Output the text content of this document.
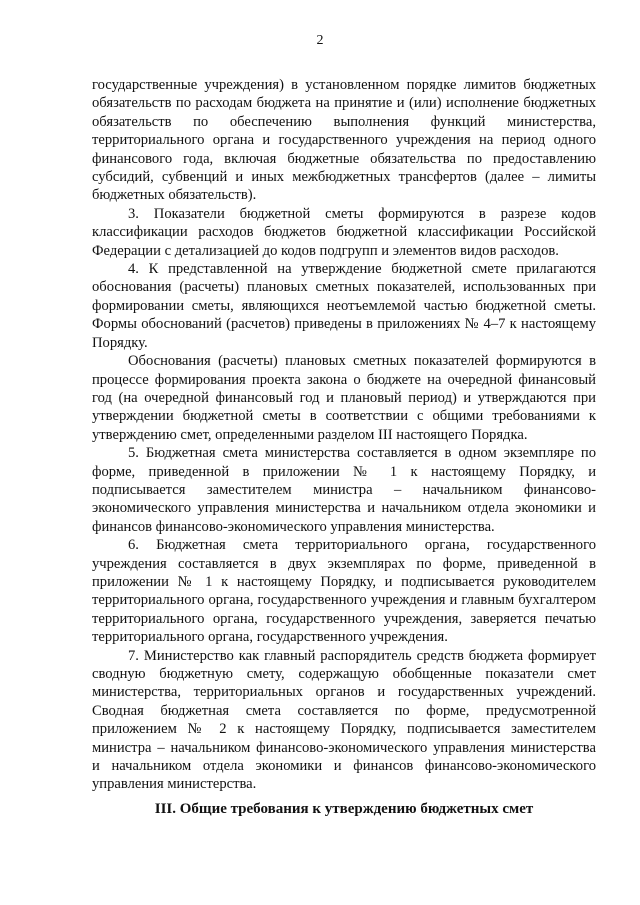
2

государственные учреждения) в установленном порядке лимитов бюджетных обязательств по расходам бюджета на принятие и (или) исполнение бюджетных обязательств по обеспечению выполнения функций министерства, территориального органа и государственного учреждения на период одного финансового года, включая бюджетные обязательства по предоставлению субсидий, субвенций и иных межбюджетных трансфертов (далее – лимиты бюджетных обязательств).

3. Показатели бюджетной сметы формируются в разрезе кодов классификации расходов бюджетов бюджетной классификации Российской Федерации с детализацией до кодов подгрупп и элементов видов расходов.

4. К представленной на утверждение бюджетной смете прилагаются обоснования (расчеты) плановых сметных показателей, использованных при формировании сметы, являющихся неотъемлемой частью бюджетной сметы. Формы обоснований (расчетов) приведены в приложениях № 4–7 к настоящему Порядку.

Обоснования (расчеты) плановых сметных показателей формируются в процессе формирования проекта закона о бюджете на очередной финансовый год (на очередной финансовый год и плановый период) и утверждаются при утверждении бюджетной сметы в соответствии с общими требованиями к утверждению смет, определенными разделом III настоящего Порядка.

5. Бюджетная смета министерства составляется в одном экземпляре по форме, приведенной в приложении № 1 к настоящему Порядку, и подписывается заместителем министра – начальником финансово-экономического управления министерства и начальником отдела экономики и финансов финансово-экономического управления министерства.

6. Бюджетная смета территориального органа, государственного учреждения составляется в двух экземплярах по форме, приведенной в приложении № 1 к настоящему Порядку, и подписывается руководителем территориального органа, государственного учреждения и главным бухгалтером территориального органа, государственного учреждения, заверяется печатью территориального органа, государственного учреждения.

7. Министерство как главный распорядитель средств бюджета формирует сводную бюджетную смету, содержащую обобщенные показатели смет министерства, территориальных органов и государственных учреждений. Сводная бюджетная смета составляется по форме, предусмотренной приложением № 2 к настоящему Порядку, подписывается заместителем министра – начальником финансово-экономического управления министерства и начальником отдела экономики и финансов финансово-экономического управления министерства.

III. Общие требования к утверждению бюджетных смет
